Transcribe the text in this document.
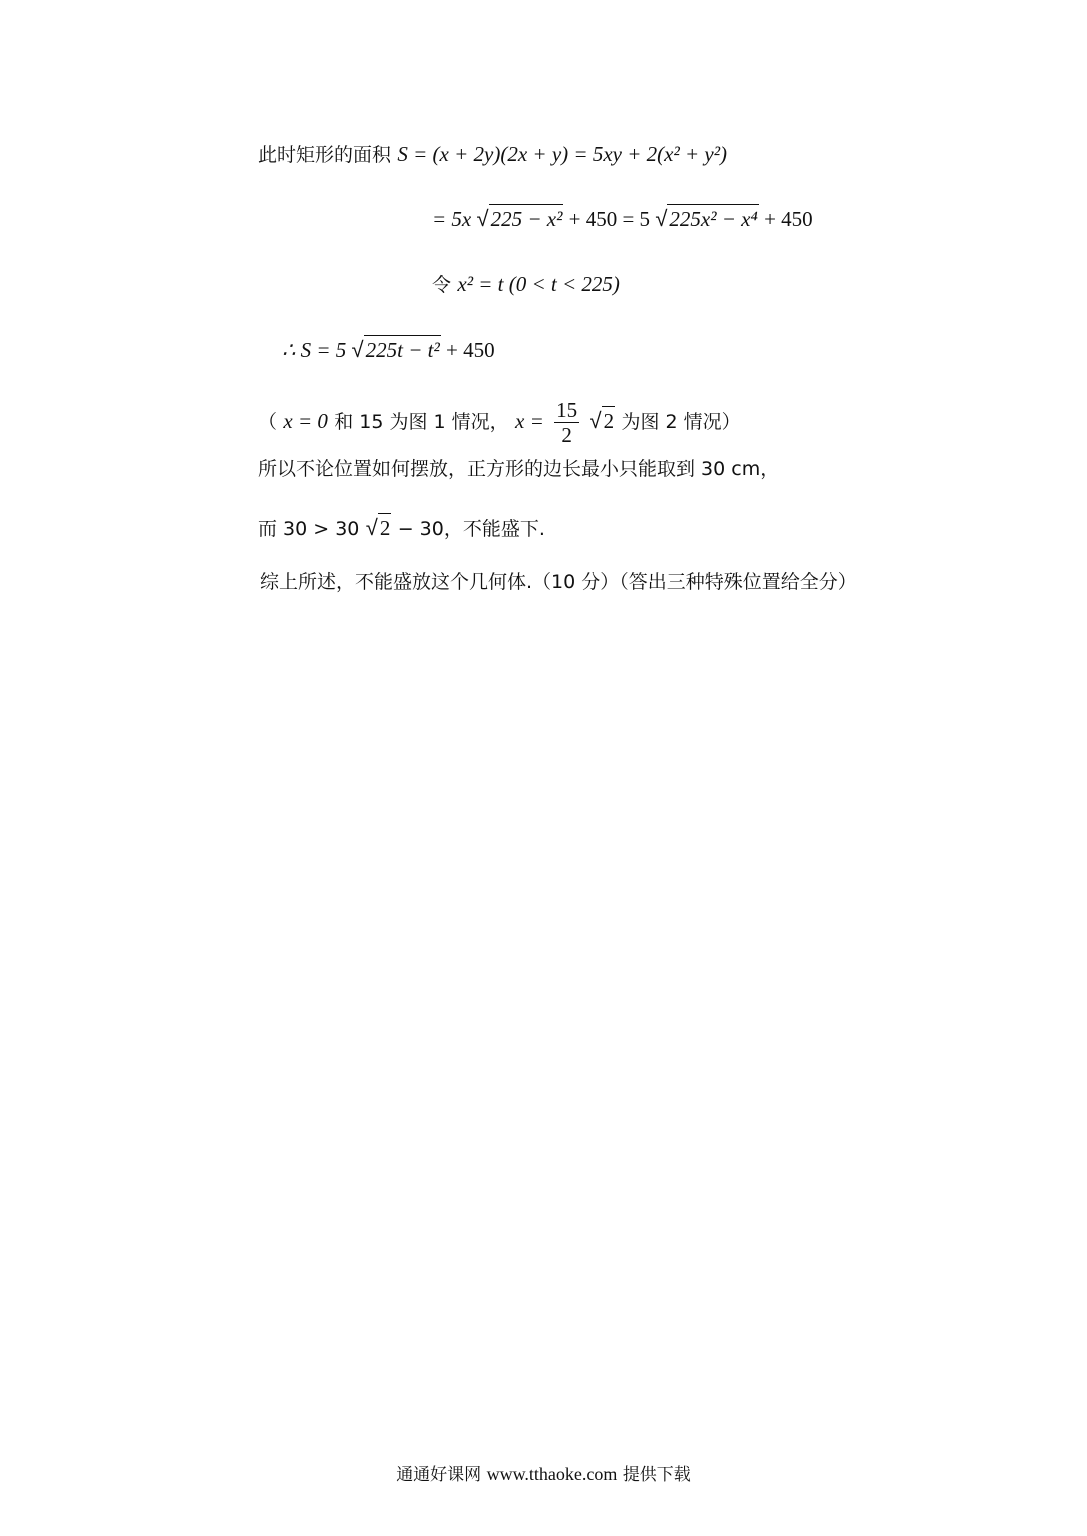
此时矩形的面积 S = (x + 2y)(2x + y) = 5xy + 2(x² + y²)
= 5x √225 − x² + 450 = 5 √225x² − x⁴ + 450
令 x² = t (0 < t < 225)
∴ S = 5 √225t − t² + 450
（ x = 0 和 15 为图 1 情况， $x = \frac{15}{2} √2$ 为图 2 情况）
所以不论位置如何摆放，正方形的边长最小只能取到 30 cm，
而 30 > 30 √2 − 30，不能盛下.
综上所述，不能盛放这个几何体.（10 分）（答出三种特殊位置给全分）
通通好课网 www.tthaoke.com 提供下载
